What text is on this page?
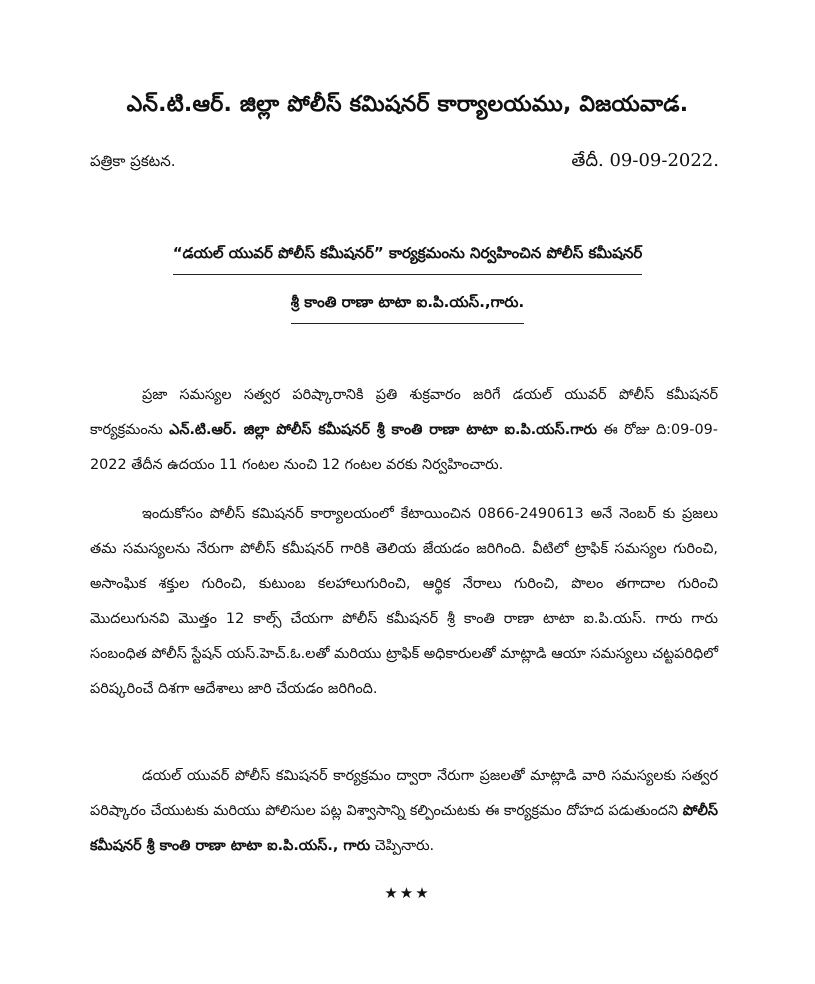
ఎన్.టి.ఆర్. జిల్లా పోలీస్ కమిషనర్ కార్యాలయము, విజయవాడ.
పత్రికా ప్రకటన.	తేదీ. 09-09-2022.
“డయల్ యువర్ పోలీస్ కమీషనర్” కార్యక్రమంను నిర్వహించిన పోలీస్ కమీషనర్
శ్రీ కాంతి రాణా టాటా ఐ.పి.యస్.,గారు.
ప్రజా సమస్యల సత్వర పరిష్కారానికి ప్రతి శుక్రవారం జరిగే డయల్ యువర్ పోలీస్ కమీషనర్ కార్యక్రమంను ఎన్.టి.ఆర్. జిల్లా పోలీస్ కమీషనర్ శ్రీ కాంతి రాణా టాటా ఐ.పి.యస్.గారు ఈ రోజు ది:09-09-2022 తేదీన ఉదయం 11 గంటల నుంచి 12 గంటల వరకు నిర్వహించారు.
ఇందుకోసం పోలీస్ కమిషనర్ కార్యాలయంలో కేటాయించిన 0866-2490613 అనే నెంబర్ కు ప్రజలు తమ సమస్యలను నేరుగా పోలీస్ కమీషనర్ గారికి తెలియ జేయడం జరిగింది. వీటిలో ట్రాఫిక్ సమస్యల గురించి, అసాంఘిక శక్తుల గురించి, కుటుంబ కలహాలుగురించి, ఆర్థిక నేరాలు గురించి, పొలం తగాదాల గురించి మొదలుగునవి మొత్తం 12 కాల్స్ చేయగా పోలీస్ కమీషనర్ శ్రీ కాంతి రాణా టాటా ఐ.పి.యస్. గారు గారు సంబంధిత పోలీస్ స్టేషన్ యస్.హెచ్.ఓ.లతో మరియు ట్రాఫిక్ అధికారులతో మాట్లాడి ఆయా సమస్యలు చట్టపరిధిలో పరిష్కరించే దిశగా ఆదేశాలు జారి చేయడం జరిగింది.
డయల్ యువర్ పోలీస్ కమిషనర్ కార్యక్రమం ద్వారా నేరుగా ప్రజలతో మాట్లాడి వారి సమస్యలకు సత్వర పరిష్కారం చేయుటకు మరియు పోలిసుల పట్ల విశ్వాసాన్ని కల్పించుటకు ఈ కార్యక్రమం దోహద పడుతుందని పోలీస్ కమీషనర్ శ్రీ కాంతి రాణా టాటా ఐ.పి.యస్., గారు చెప్పినారు.
★★★
